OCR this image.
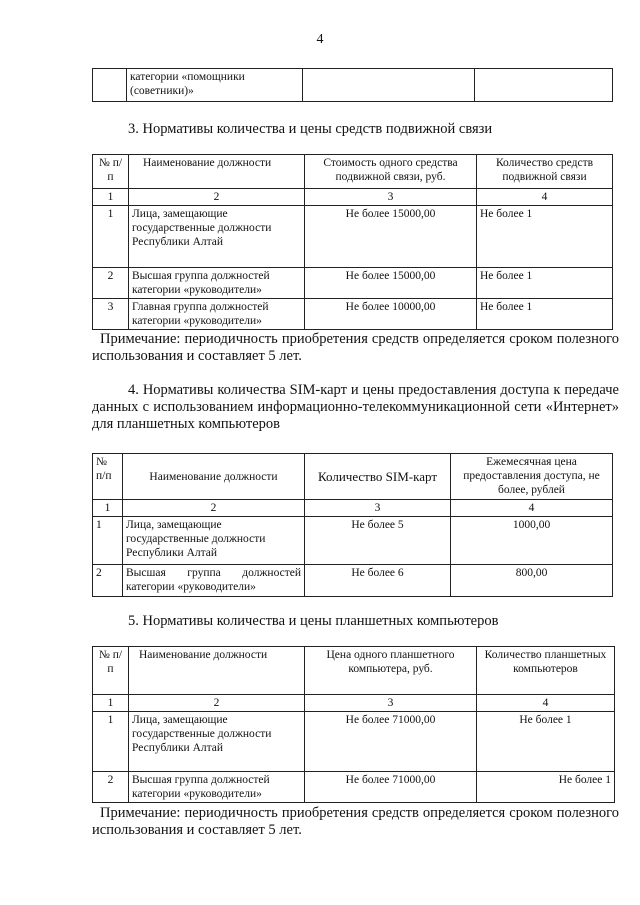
4
	категории «помощники (советники)»		
3. Нормативы количества и цены средств подвижной связи
№ п/п	Наименование должности	Стоимость одного средства подвижной связи, руб.	Количество средств подвижной связи
1	2	3	4
1	Лица, замещающие государственные должности Республики Алтай	Не более 15000,00	Не более 1
2	Высшая группа должностей категории «руководители»	Не более 15000,00	Не более 1
3	Главная группа должностей категории «руководители»	Не более 10000,00	Не более 1
Примечание: периодичность приобретения средств определяется сроком полезного использования и составляет 5 лет.
4. Нормативы количества SIM-карт и цены предоставления доступа к передаче данных с использованием информационно-телекоммуникационной сети «Интернет» для планшетных компьютеров
№ п/п	Наименование должности	Количество SIM-карт	Ежемесячная цена предоставления доступа, не более, рублей
1	2	3	4
1	Лица, замещающие государственные должности Республики Алтай	Не более 5	1000,00
2	Высшая группа должностей категории «руководители»	Не более 6	800,00
5. Нормативы количества и цены планшетных компьютеров
№ п/п	Наименование должности	Цена одного планшетного компьютера, руб.	Количество планшетных компьютеров
1	2	3	4
1	Лица, замещающие государственные должности Республики Алтай	Не более 71000,00	Не более 1
2	Высшая группа должностей категории «руководители»	Не более 71000,00	Не более 1
Примечание: периодичность приобретения средств определяется сроком полезного использования и составляет 5 лет.
